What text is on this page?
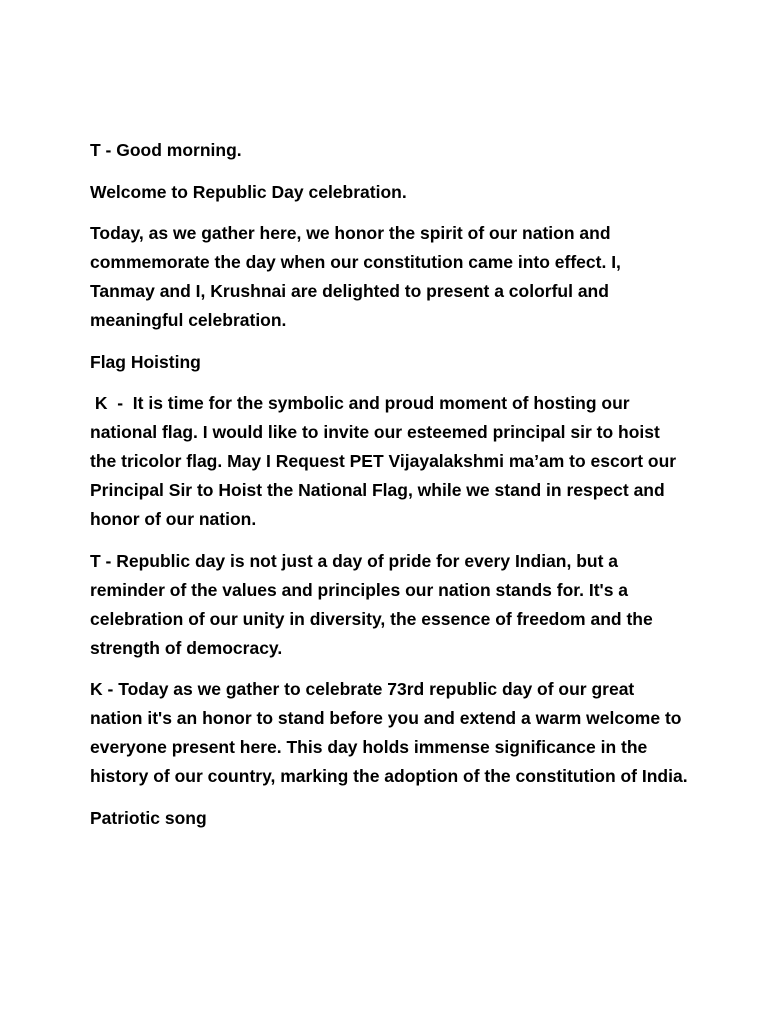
T - Good morning.

Welcome to Republic Day celebration.

Today, as we gather here, we honor the spirit of our nation and commemorate the day when our constitution came into effect. I, Tanmay and I, Krushnai are delighted to present a colorful and meaningful celebration.

Flag Hoisting

K  -  It is time for the symbolic and proud moment of hosting our national flag. I would like to invite our esteemed principal sir to hoist the tricolor flag. May I Request PET Vijayalakshmi ma’am to escort our Principal Sir to Hoist the National Flag, while we stand in respect and honor of our nation.

T - Republic day is not just a day of pride for every Indian, but a reminder of the values and principles our nation stands for. It's a celebration of our unity in diversity, the essence of freedom and the strength of democracy.

K - Today as we gather to celebrate 73rd republic day of our great nation it's an honor to stand before you and extend a warm welcome to everyone present here. This day holds immense significance in the history of our country, marking the adoption of the constitution of India.

Patriotic song
